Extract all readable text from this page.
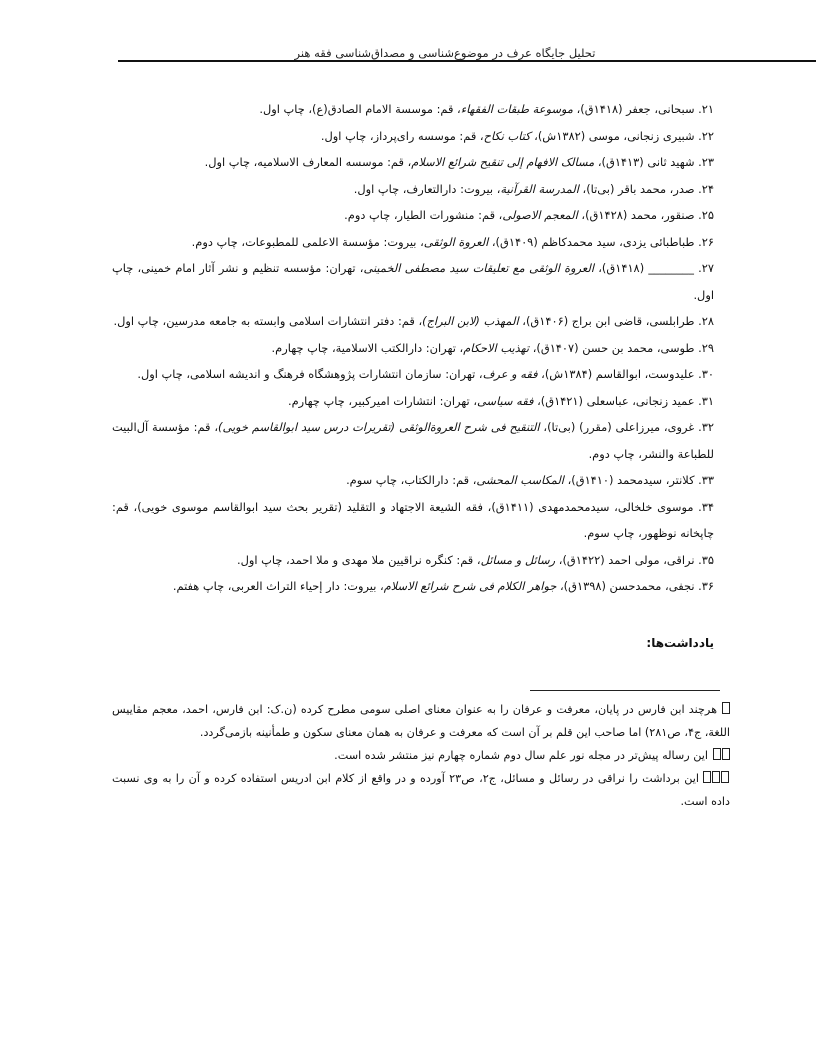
تحلیل جایگاه عرف در موضوع‌شناسی و مصداق‌شناسی فقه هنر

۲۱. سبحانی، جعفر (۱۴۱۸ق)، موسوعة طبقات الفقهاء، قم: موسسة الامام الصادق(ع)، چاپ اول.

۲۲. شبیری زنجانی، موسی (۱۳۸۲ش)، کتاب نکاح، قم: موسسه رای‌پرداز، چاپ اول.

۲۳. شهید ثانی (۱۴۱۳ق)، مسالک الافهام إلی تنقیح شرائع الاسلام، قم: موسسه المعارف الاسلامیه، چاپ اول.

۲۴. صدر، محمد باقر (بی‌تا)، المدرسة القرآنیة، بیروت: دارالتعارف، چاپ اول.

۲۵. صنقور، محمد (۱۴۲۸ق)، المعجم الاصولی، قم: منشورات الطیار، چاپ دوم.

۲۶. طباطبائی یزدی، سید محمدکاظم (۱۴۰۹ق)، العروة الوثقی، بیروت: مؤسسة الاعلمی للمطبوعات، چاپ دوم.

۲۷. ________ (۱۴۱۸ق)، العروة الوثقی مع تعلیقات سید مصطفی الخمینی، تهران: مؤسسه تنظیم و نشر آثار امام خمینی، چاپ اول.

۲۸. طرابلسی، قاضی ابن براج (۱۴۰۶ق)، المهذب (لابن البراج)، قم: دفتر انتشارات اسلامی وابسته به جامعه مدرسین، چاپ اول.

۲۹. طوسی، محمد بن حسن (۱۴۰۷ق)، تهذیب الاحکام، تهران: دارالکتب الاسلامیة، چاپ چهارم.

۳۰. علیدوست، ابوالقاسم (۱۳۸۴ش)، فقه و عرف، تهران: سازمان انتشارات پژوهشگاه فرهنگ و اندیشه اسلامی، چاپ اول.

۳۱. عمید زنجانی، عباسعلی (۱۴۲۱ق)، فقه سیاسی، تهران: انتشارات امیرکبیر، چاپ چهارم.

۳۲. غروی، میرزاعلی (مقرر) (بی‌تا)، التنقیح فی شرح العروةالوثقی (تقریرات درس سید ابوالقاسم خویی)، قم: مؤسسة آل‌البیت للطباعة والنشر، چاپ دوم.

۳۳. کلانتر، سیدمحمد (۱۴۱۰ق)، المکاسب المحشی، قم: دارالکتاب، چاپ سوم.

۳۴. موسوی خلخالی، سیدمحمدمهدی (۱۴۱۱ق)، فقه الشیعة الاجتهاد و التقلید (تقریر بحث سید ابوالقاسم موسوی خویی)، قم: چاپخانه نوظهور، چاپ سوم.

۳۵. نراقی، مولی احمد (۱۴۲۲ق)، رسائل و مسائل، قم: کنگره نراقیین ملا مهدی و ملا احمد، چاپ اول.

۳۶. نجفی، محمدحسن (۱۳۹۸ق)، جواهر الکلام فی شرح شرائع الاسلام، بیروت: دار إحیاء التراث العربی، چاپ هفتم.

یادداشت‌ها:

هرچند ابن فارس در پایان، معرفت و عرفان را به عنوان معنای اصلی سومی مطرح کرده (ن.ک: ابن فارس، احمد، معجم مقاییس اللغة، ج۴، ص۲۸۱) اما صاحب این قلم بر آن است که معرفت و عرفان به همان معنای سکون و طمأنینه بازمی‌گردد.

این رساله پیش‌تر در مجله نور علم سال دوم شماره چهارم نیز منتشر شده است.

این برداشت را نراقی در رسائل و مسائل، ج۲، ص۲۳ آورده و در واقع از کلام ابن ادریس استفاده کرده و آن را به وی نسبت داده است.
